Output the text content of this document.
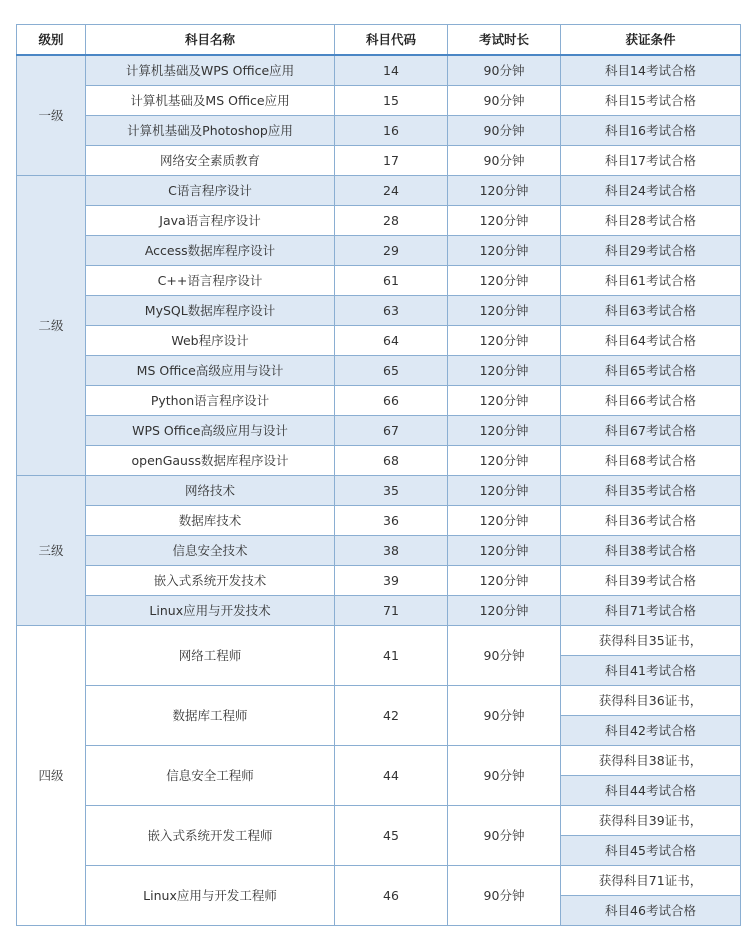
级别	科目名称	科目代码	考试时长	获证条件
一级	计算机基础及WPS Office应用	14	90分钟	科目14考试合格
	计算机基础及MS Office应用	15	90分钟	科目15考试合格
	计算机基础及Photoshop应用	16	90分钟	科目16考试合格
	网络安全素质教育	17	90分钟	科目17考试合格
二级	C语言程序设计	24	120分钟	科目24考试合格
	Java语言程序设计	28	120分钟	科目28考试合格
	Access数据库程序设计	29	120分钟	科目29考试合格
	C++语言程序设计	61	120分钟	科目61考试合格
	MySQL数据库程序设计	63	120分钟	科目63考试合格
	Web程序设计	64	120分钟	科目64考试合格
	MS Office高级应用与设计	65	120分钟	科目65考试合格
	Python语言程序设计	66	120分钟	科目66考试合格
	WPS Office高级应用与设计	67	120分钟	科目67考试合格
	openGauss数据库程序设计	68	120分钟	科目68考试合格
三级	网络技术	35	120分钟	科目35考试合格
	数据库技术	36	120分钟	科目36考试合格
	信息安全技术	38	120分钟	科目38考试合格
	嵌入式系统开发技术	39	120分钟	科目39考试合格
	Linux应用与开发技术	71	120分钟	科目71考试合格
四级	网络工程师	41	90分钟	获得科目35证书，
				科目41考试合格
	数据库工程师	42	90分钟	获得科目36证书，
				科目42考试合格
	信息安全工程师	44	90分钟	获得科目38证书，
				科目44考试合格
	嵌入式系统开发工程师	45	90分钟	获得科目39证书，
				科目45考试合格
	Linux应用与开发工程师	46	90分钟	获得科目71证书，
				科目46考试合格
